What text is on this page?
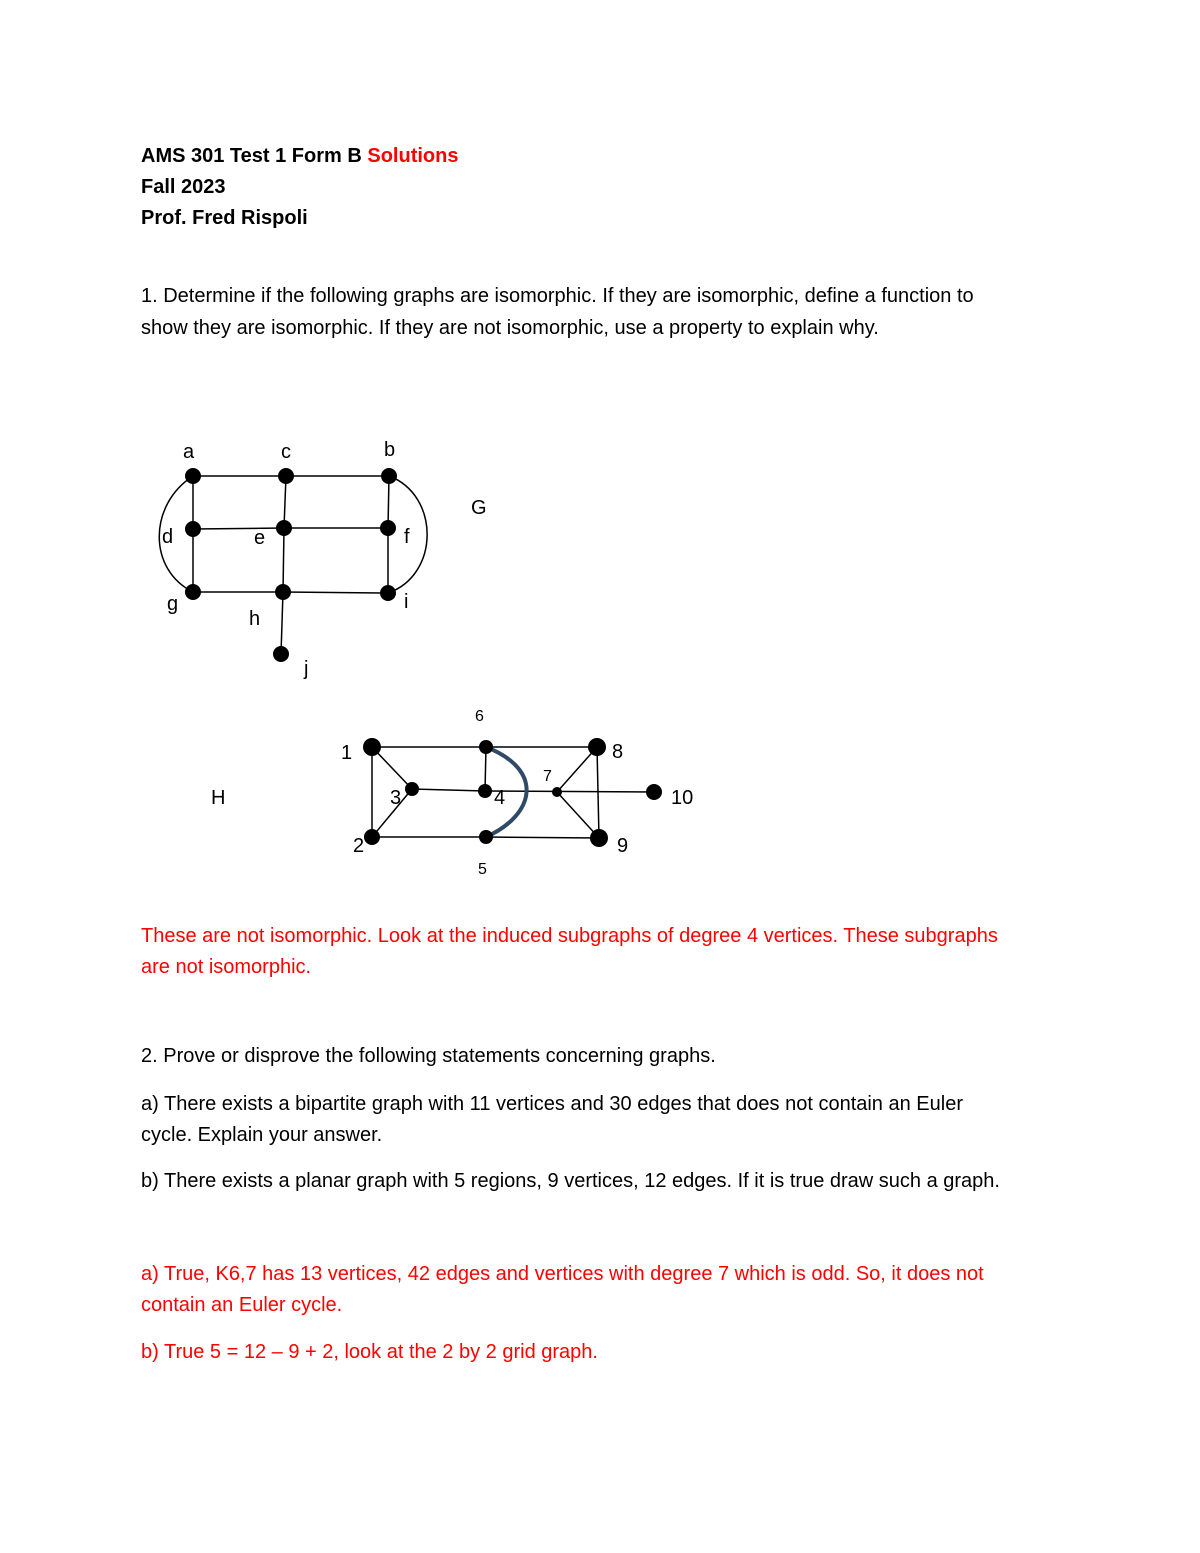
AMS 301 Test 1 Form B Solutions
Fall 2023
Prof. Fred Rispoli
1. Determine if the following graphs are isomorphic. If they are isomorphic, define a function to
show they are isomorphic. If they are not isomorphic, use a property to explain why.
a	c	b
d	e	f
g
h
i
j
G
1
2
3	4
5
6
7
8
9
10
H
These are not isomorphic. Look at the induced subgraphs of degree 4 vertices. These subgraphs
are not isomorphic.
2. Prove or disprove the following statements concerning graphs.
a) There exists a bipartite graph with 11 vertices and 30 edges that does not contain an Euler
cycle. Explain your answer.
b) There exists a planar graph with 5 regions, 9 vertices, 12 edges. If it is true draw such a graph.
a) True, K6,7 has 13 vertices, 42 edges and vertices with degree 7 which is odd. So, it does not
contain an Euler cycle.
b) True 5 = 12 – 9 + 2, look at the 2 by 2 grid graph.
